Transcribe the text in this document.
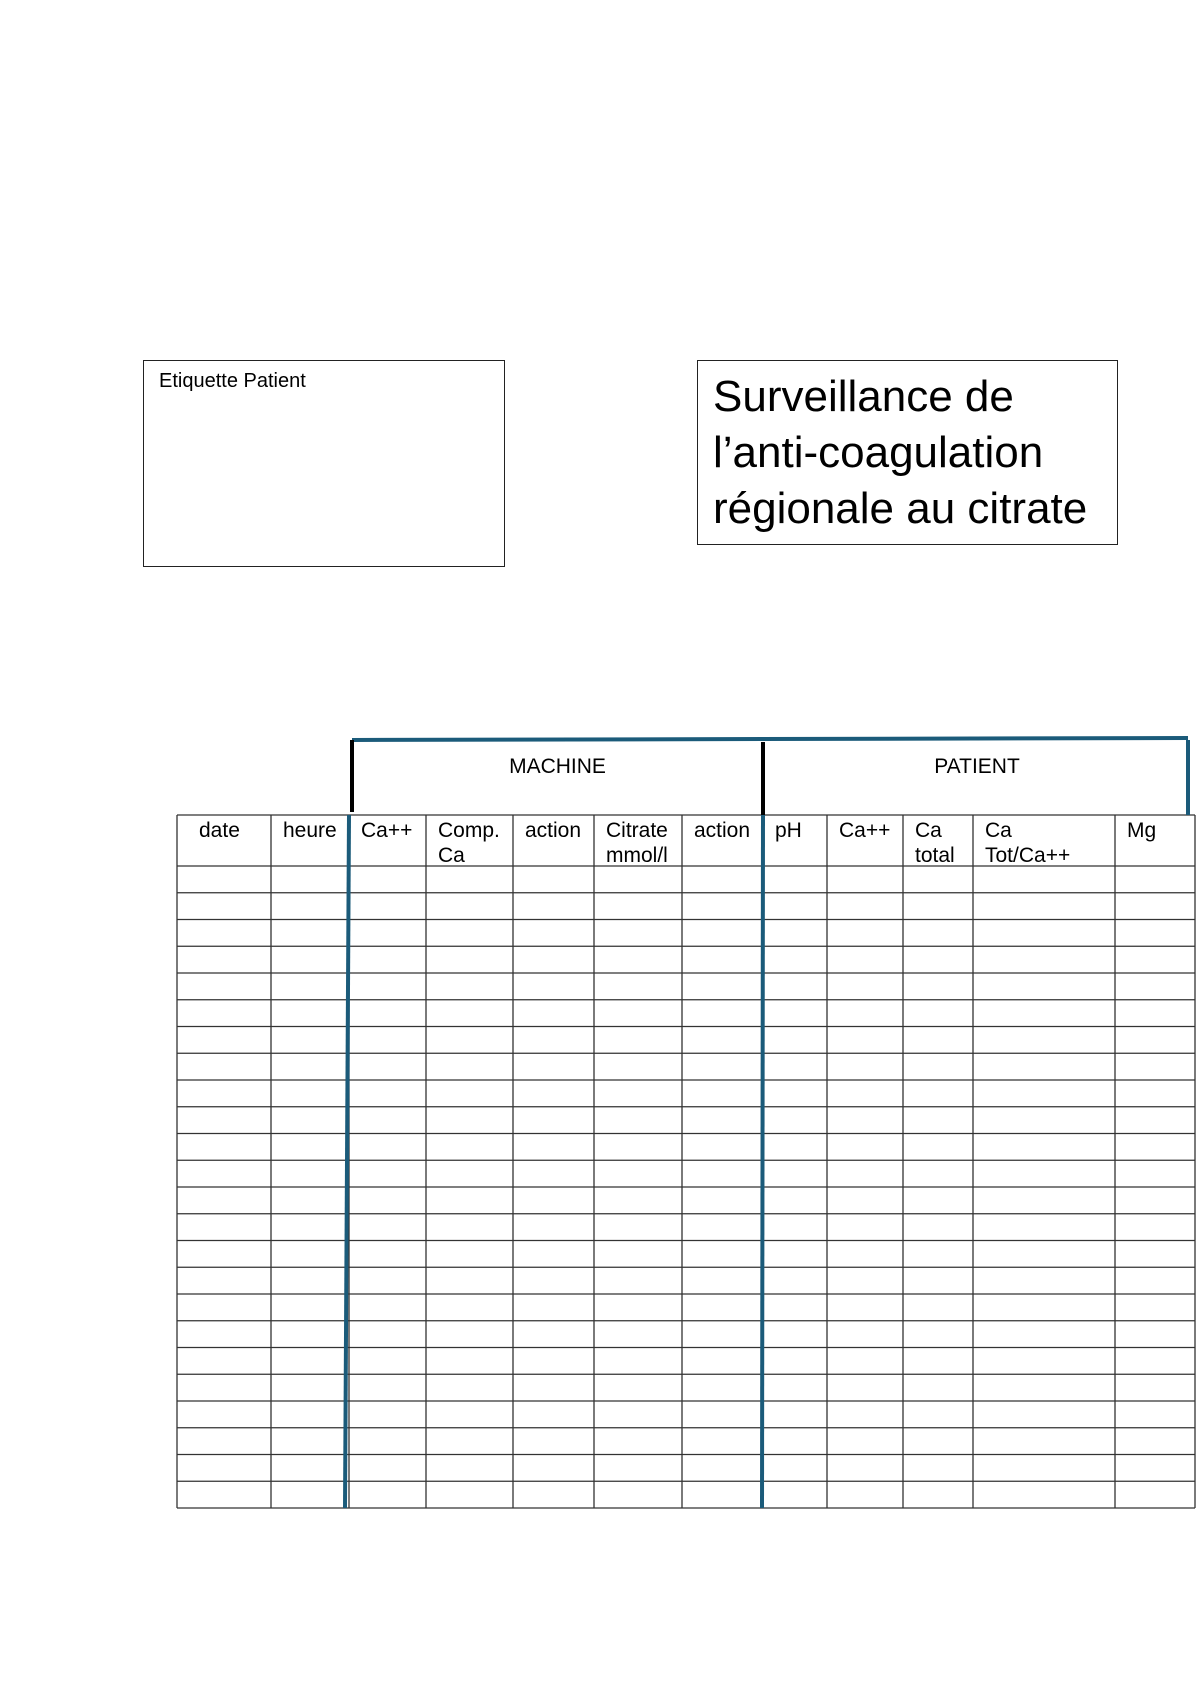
Etiquette Patient	Surveillance de
l’anti-coagulation
régionale au citrate
MACHINE	PATIENT
date heure Ca++ Comp.
Ca
action Citrate
mmol/l
action pH Ca++ Ca
total
Ca
Tot/Ca++
Mg
